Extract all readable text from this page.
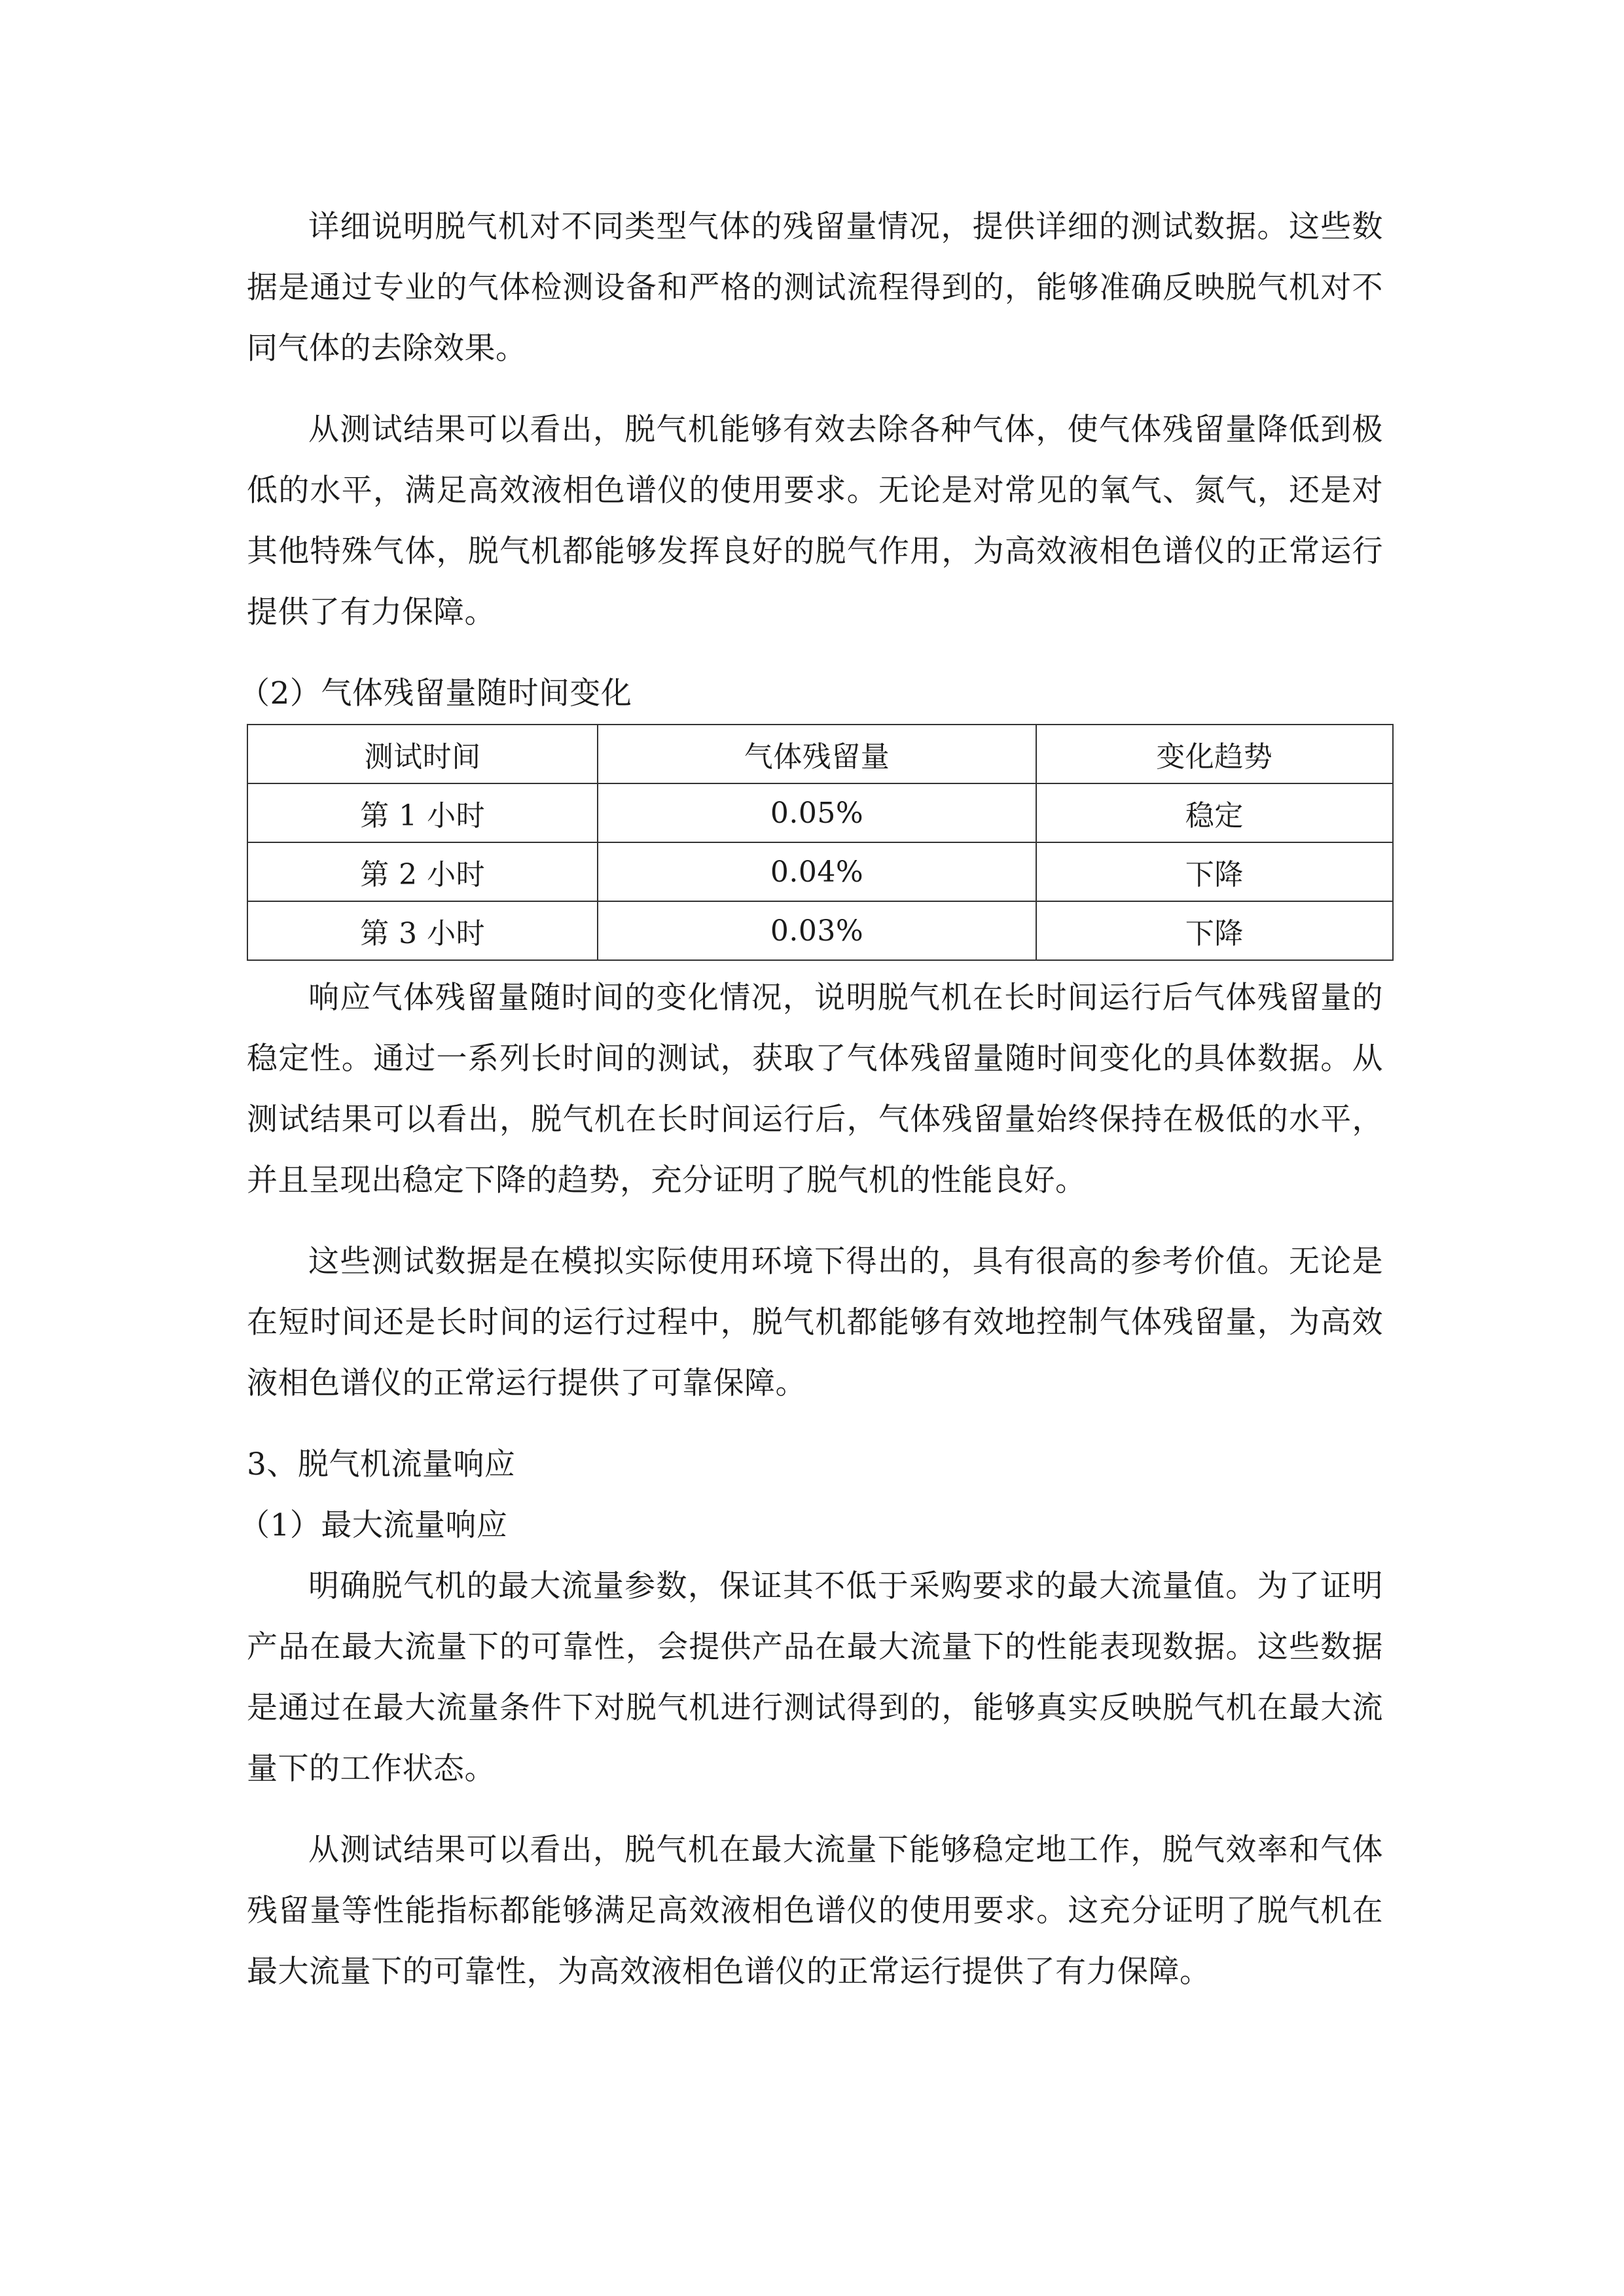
详细说明脱气机对不同类型气体的残留量情况，提供详细的测试数据。这些数据是通过专业的气体检测设备和严格的测试流程得到的，能够准确反映脱气机对不同气体的去除效果。

从测试结果可以看出，脱气机能够有效去除各种气体，使气体残留量降低到极低的水平，满足高效液相色谱仪的使用要求。无论是对常见的氧气、氮气，还是对其他特殊气体，脱气机都能够发挥良好的脱气作用，为高效液相色谱仪的正常运行提供了有力保障。

（2）气体残留量随时间变化

测试时间	气体残留量	变化趋势
第 1 小时	0.05%	稳定
第 2 小时	0.04%	下降
第 3 小时	0.03%	下降

响应气体残留量随时间的变化情况，说明脱气机在长时间运行后气体残留量的稳定性。通过一系列长时间的测试，获取了气体残留量随时间变化的具体数据。从测试结果可以看出，脱气机在长时间运行后，气体残留量始终保持在极低的水平，并且呈现出稳定下降的趋势，充分证明了脱气机的性能良好。

这些测试数据是在模拟实际使用环境下得出的，具有很高的参考价值。无论是在短时间还是长时间的运行过程中，脱气机都能够有效地控制气体残留量，为高效液相色谱仪的正常运行提供了可靠保障。

3、脱气机流量响应

（1）最大流量响应

明确脱气机的最大流量参数，保证其不低于采购要求的最大流量值。为了证明产品在最大流量下的可靠性，会提供产品在最大流量下的性能表现数据。这些数据是通过在最大流量条件下对脱气机进行测试得到的，能够真实反映脱气机在最大流量下的工作状态。

从测试结果可以看出，脱气机在最大流量下能够稳定地工作，脱气效率和气体残留量等性能指标都能够满足高效液相色谱仪的使用要求。这充分证明了脱气机在最大流量下的可靠性，为高效液相色谱仪的正常运行提供了有力保障。
